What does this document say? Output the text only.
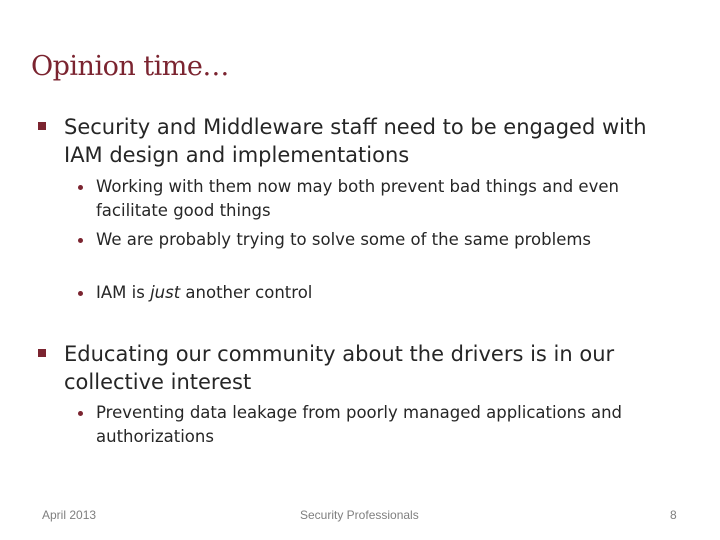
Opinion time…
Security and Middleware staff need to be engaged with IAM design and implementations
Working with them now may both prevent bad things and even facilitate good things
We are probably trying to solve some of the same problems
IAM is just another control
Educating our community about the drivers is in our collective interest
Preventing data leakage from poorly managed applications and authorizations
April 2013	Security Professionals	8
